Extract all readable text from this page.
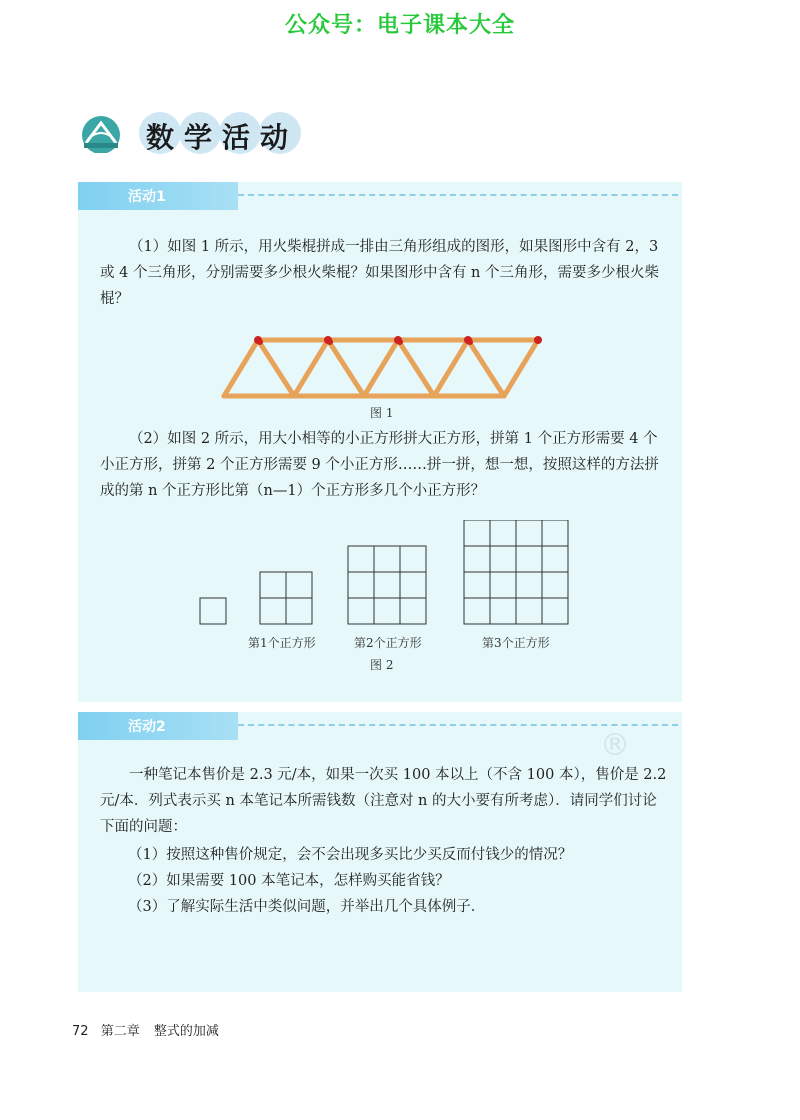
公众号：电子课本大全
数学活动
活动1

（1）如图 1 所示，用火柴棍拼成一排由三角形组成的图形，如果图形中含有 2，3 或 4 个三角形，分别需要多少根火柴棍？如果图形中含有 n 个三角形，需要多少根火柴棍？

图 1

（2）如图 2 所示，用大小相等的小正方形拼大正方形，拼第 1 个正方形需要 4 个小正方形，拼第 2 个正方形需要 9 个小正方形……拼一拼，想一想，按照这样的方法拼成的第 n 个正方形比第（n—1）个正方形多几个小正方形？

第1个正方形	第2个正方形	第3个正方形
图 2
活动2

一种笔记本售价是 2.3 元/本，如果一次买 100 本以上（不含 100 本），售价是 2.2 元/本．列式表示买 n 本笔记本所需钱数（注意对 n 的大小要有所考虑）．请同学们讨论下面的问题：

（1）按照这种售价规定，会不会出现多买比少买反而付钱少的情况？

（2）如果需要 100 本笔记本，怎样购买能省钱？

（3）了解实际生活中类似问题，并举出几个具体例子．

®
72 第二章 整式的加减
